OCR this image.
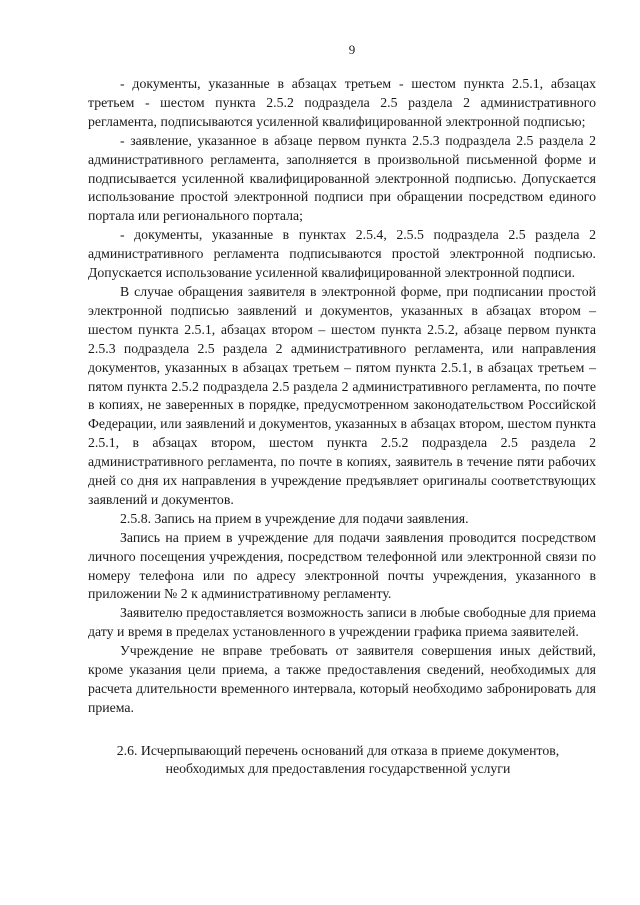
9

- документы, указанные в абзацах третьем - шестом пункта 2.5.1, абзацах третьем - шестом пункта 2.5.2 подраздела 2.5 раздела 2 административного регламента, подписываются усиленной квалифицированной электронной подписью;

- заявление, указанное в абзаце первом пункта 2.5.3 подраздела 2.5 раздела 2 административного регламента, заполняется в произвольной письменной форме и подписывается усиленной квалифицированной электронной подписью. Допускается использование простой электронной подписи при обращении посредством единого портала или регионального портала;

- документы, указанные в пунктах 2.5.4, 2.5.5 подраздела 2.5 раздела 2 административного регламента подписываются простой электронной подписью. Допускается использование усиленной квалифицированной электронной подписи.

В случае обращения заявителя в электронной форме, при подписании простой электронной подписью заявлений и документов, указанных в абзацах втором – шестом пункта 2.5.1, абзацах втором – шестом пункта 2.5.2, абзаце первом пункта 2.5.3 подраздела 2.5 раздела 2 административного регламента, или направления документов, указанных в абзацах третьем – пятом пункта 2.5.1, в абзацах третьем – пятом пункта 2.5.2 подраздела 2.5 раздела 2 административного регламента, по почте в копиях, не заверенных в порядке, предусмотренном законодательством Российской Федерации, или заявлений и документов, указанных в абзацах втором, шестом пункта 2.5.1, в абзацах втором, шестом пункта 2.5.2 подраздела 2.5 раздела 2 административного регламента, по почте в копиях, заявитель в течение пяти рабочих дней со дня их направления в учреждение предъявляет оригиналы соответствующих заявлений и документов.

2.5.8. Запись на прием в учреждение для подачи заявления.

Запись на прием в учреждение для подачи заявления проводится посредством личного посещения учреждения, посредством телефонной или электронной связи по номеру телефона или по адресу электронной почты учреждения, указанного в приложении № 2 к административному регламенту.

Заявителю предоставляется возможность записи в любые свободные для приема дату и время в пределах установленного в учреждении графика приема заявителей.

Учреждение не вправе требовать от заявителя совершения иных действий, кроме указания цели приема, а также предоставления сведений, необходимых для расчета длительности временного интервала, который необходимо забронировать для приема.

2.6. Исчерпывающий перечень оснований для отказа в приеме документов,
необходимых для предоставления государственной услуги
